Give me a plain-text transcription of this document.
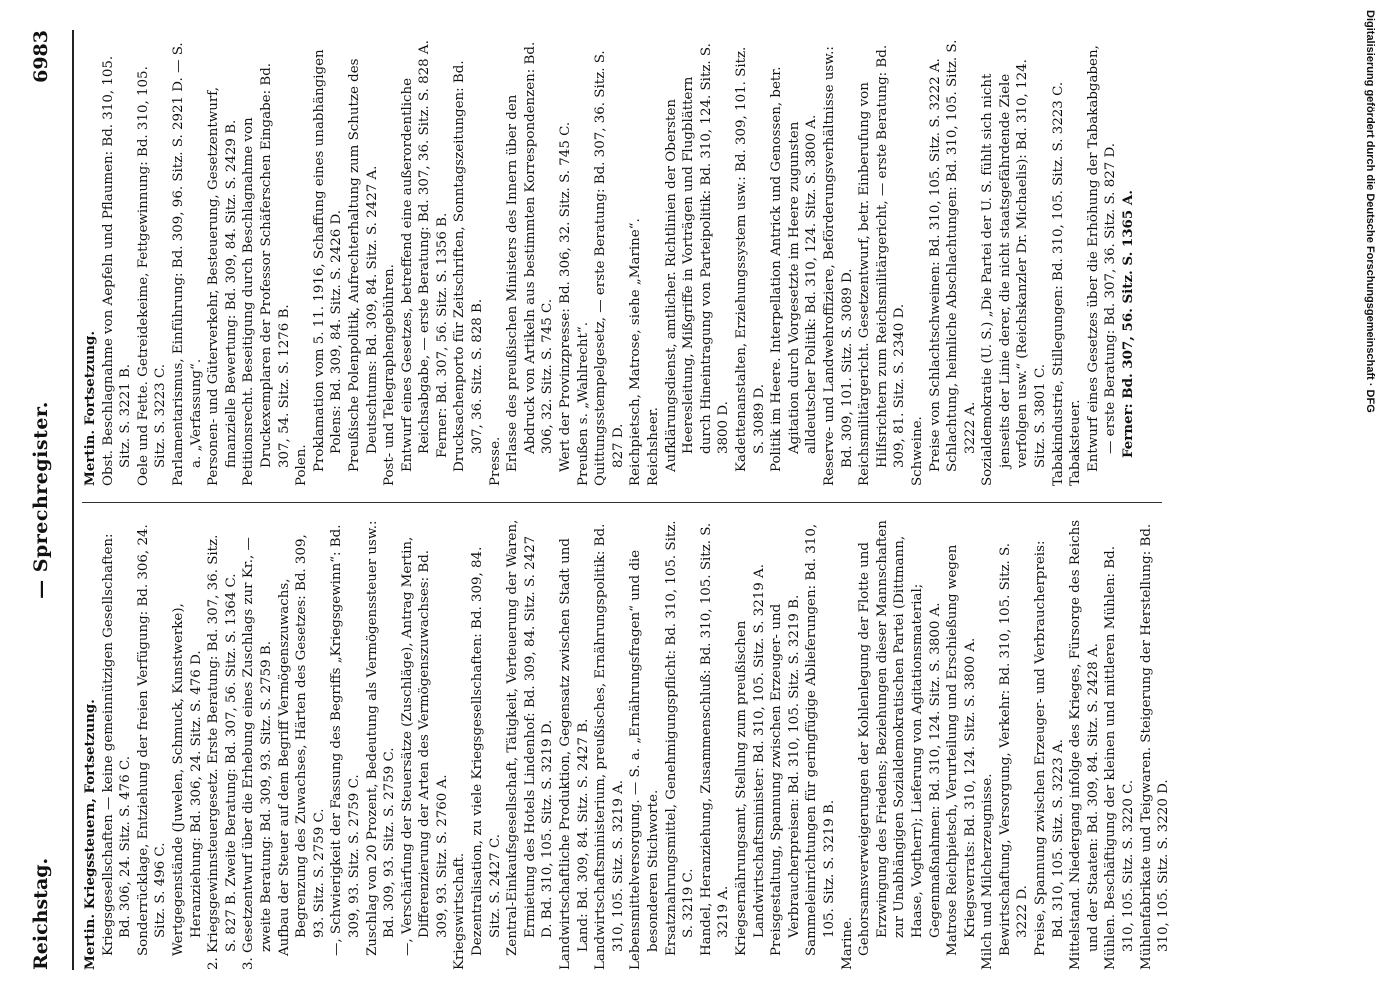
Reichstag.
— Sprechregister.
6983

Mertin. Kriegssteuern, Fortsetzung. Kriegsgesellschaften — keine gemeinnützigen Gesellschaften: Bd. 306, 24. Sitz. S. 476 C. Sonderrücklage, Entziehung der freien Verfügung: Bd. 306, 24. Sitz. S. 496 C. Wertgegenstände (Juwelen, Schmuck, Kunstwerke), Heranziehung: Bd. 306, 24. Sitz. S. 476 D. 2. Kriegsgewinnsteuergesetz. Erste Beratung: Bd. 307, 36. Sitz. S. 827 B. Zweite Beratung: Bd. 307, 56. Sitz. S. 1364 C. 3. Gesetzentwurf über die Erhebung eines Zuschlags zur Kr., — zweite Beratung: Bd. 309, 93. Sitz. S. 2759 B. Aufbau der Steuer auf dem Begriff Vermögenszuwachs, Begrenzung des Zuwachses, Härten des Gesetzes: Bd. 309, 93. Sitz. S. 2759 C. —, Schwierigkeit der Fassung des Begriffs „Kriegsgewinn“: Bd. 309, 93. Sitz. S. 2759 C. Zuschlag von 20 Prozent, Bedeutung als Vermögenssteuer usw.: Bd. 309, 93. Sitz. S. 2759 C. —, Verschärfung der Steuersätze (Zuschläge), Antrag Mertin, Differenzierung der Arten des Vermögenszuwachses: Bd. 309, 93. Sitz. S. 2760 A. Kriegswirtschaft. Dezentralisation, zu viele Kriegsgesellschaften: Bd. 309, 84. Sitz. S. 2427 C. Zentral-Einkaufsgesellschaft, Tätigkeit, Verteuerung der Waren, Ermietung des Hotels Lindenhof: Bd. 309, 84. Sitz. S. 2427 D. Bd. 310, 105. Sitz. S. 3219 D. Landwirtschaftliche Produktion, Gegensatz zwischen Stadt und Land: Bd. 309, 84. Sitz. S. 2427 B. Landwirtschaftsministerium, preußisches, Ernährungspolitik: Bd. 310, 105. Sitz. S. 3219 A. Lebensmittelversorgung. — S. a. „Ernährungsfragen“ und die besonderen Stichworte. Ersatznahrungsmittel, Genehmigungspflicht: Bd. 310, 105. Sitz. S. 3219 C. Handel, Heranziehung, Zusammenschluß: Bd. 310, 105. Sitz. S. 3219 A. Kriegsernährungsamt, Stellung zum preußischen Landwirtschaftsminister: Bd. 310, 105. Sitz. S. 3219 A. Preisgestaltung, Spannung zwischen Erzeuger- und Verbraucherpreisen: Bd. 310, 105. Sitz. S. 3219 B. Sammeleinrichtungen für geringfügige Ablieferungen: Bd. 310, 105. Sitz. S. 3219 B.

Marine. Gehorsamsverweigerungen der Kohlenlegung der Flotte und Erzwingung des Friedens; Beziehungen dieser Mannschaften zur Unabhängigen Sozialdemokratischen Partei (Dittmann, Haase, Vogtherr); Lieferung von Agitationsmaterial; Gegenmaßnahmen: Bd. 310, 124. Sitz. S. 3800 A. Matrose Reichpietsch, Verurteilung und Erschießung wegen Kriegsverrats: Bd. 310, 124. Sitz. S. 3800 A. Milch und Milcherzeugnisse. Bewirtschaftung, Versorgung, Verkehr: Bd. 310, 105. Sitz. S. 3222 D. Preise, Spannung zwischen Erzeuger- und Verbraucherpreis: Bd. 310, 105. Sitz. S. 3223 A. Mittelstand. Niedergang infolge des Krieges, Fürsorge des Reichs und der Staaten: Bd. 309, 84. Sitz. S. 2428 A. Mühlen. Beschäftigung der kleinen und mittleren Mühlen: Bd. 310, 105. Sitz. S. 3220 C. Mühlenfabrikate und Teigwaren. Steigerung der Herstellung: Bd. 310, 105. Sitz. S. 3220 D.

Mertin. Fortsetzung. Obst. Beschlagnahme von Aepfeln und Pflaumen: Bd. 310, 105. Sitz. S. 3221 B. Oele und Fette. Getreidekeime, Fettgewinnung: Bd. 310, 105. Sitz. S. 3223 C. Parlamentarismus, Einführung: Bd. 309, 96. Sitz. S. 2921 D. — S. a. „Verfassung“. Personen- und Güterverkehr, Besteuerung, Gesetzentwurf, finanzielle Bewertung: Bd. 309, 84. Sitz. S. 2429 B. Petitionsrecht. Beseitigung durch Beschlagnahme von Druckexemplaren der Professor Schäferschen Eingabe: Bd. 307, 54. Sitz. S. 1276 B. Polen. Proklamation vom 5. 11. 1916, Schaffung eines unabhängigen Polens: Bd. 309, 84. Sitz. S. 2426 D. Preußische Polenpolitik, Aufrechterhaltung zum Schutze des Deutschtums: Bd. 309, 84. Sitz. S. 2427 A. Post- und Telegraphengebühren. Entwurf eines Gesetzes, betreffend eine außerordentliche Reichsabgabe, — erste Beratung: Bd. 307, 36. Sitz. S. 828 A. Ferner: Bd. 307, 56. Sitz. S. 1356 B. Drucksachenporto für Zeitschriften, Sonntagszeitungen: Bd. 307, 36. Sitz. S. 828 B.

Presse. Erlasse des preußischen Ministers des Innern über den Abdruck von Artikeln aus bestimmten Korrespondenzen: Bd. 306, 32. Sitz. S. 745 C. Wert der Provinzpresse: Bd. 306, 32. Sitz. S. 745 C. Preußen s. „Wahlrecht“. Quittungsstempelgesetz, — erste Beratung: Bd. 307, 36. Sitz. S. 827 D. Reichpietsch, Matrose, siehe „Marine“. Reichsheer. Aufklärungsdienst, amtlicher. Richtlinien der Obersten Heeresleitung, Mißgriffe in Vorträgen und Flugblättern durch Hineintragung von Parteipolitik: Bd. 310, 124. Sitz. S. 3800 D. Kadettenanstalten, Erziehungssystem usw.: Bd. 309, 101. Sitz. S. 3089 D. Politik im Heere. Interpellation Antrick und Genossen, betr. Agitation durch Vorgesetzte im Heere zugunsten alldeutscher Politik: Bd. 310, 124. Sitz. S. 3800 A. Reserve- und Landwehroffiziere, Beförderungsverhältnisse usw.: Bd. 309, 101. Sitz. S. 3089 D. Reichsmilitärgericht. Gesetzentwurf, betr. Einberufung von Hilfsrichtern zum Reichsmilitärgericht, — erste Beratung: Bd. 309, 81. Sitz. S. 2340 D. Schweine. Preise von Schlachtschweinen: Bd. 310, 105. Sitz. S. 3222 A. Schlachtung, heimliche Abschlachtungen: Bd. 310, 105. Sitz. S. 3222 A. Sozialdemokratie (U. S.) „Die Partei der U. S. fühlt sich nicht jenseits der Linie derer, die nicht staatsgefährdende Ziele verfolgen usw.“ (Reichskanzler Dr. Michaelis): Bd. 310, 124. Sitz. S. 3801 C. Tabakindustrie, Stillegungen: Bd. 310, 105. Sitz. S. 3223 C. Tabaksteuer. Entwurf eines Gesetzes über die Erhöhung der Tabakabgaben, — erste Beratung: Bd. 307, 36. Sitz. S. 827 D. Ferner: Bd. 307, 56. Sitz. S. 1365 A.	Digitalisierung gefördert durch die Deutsche Forschungsgemeinschaft · DFG
